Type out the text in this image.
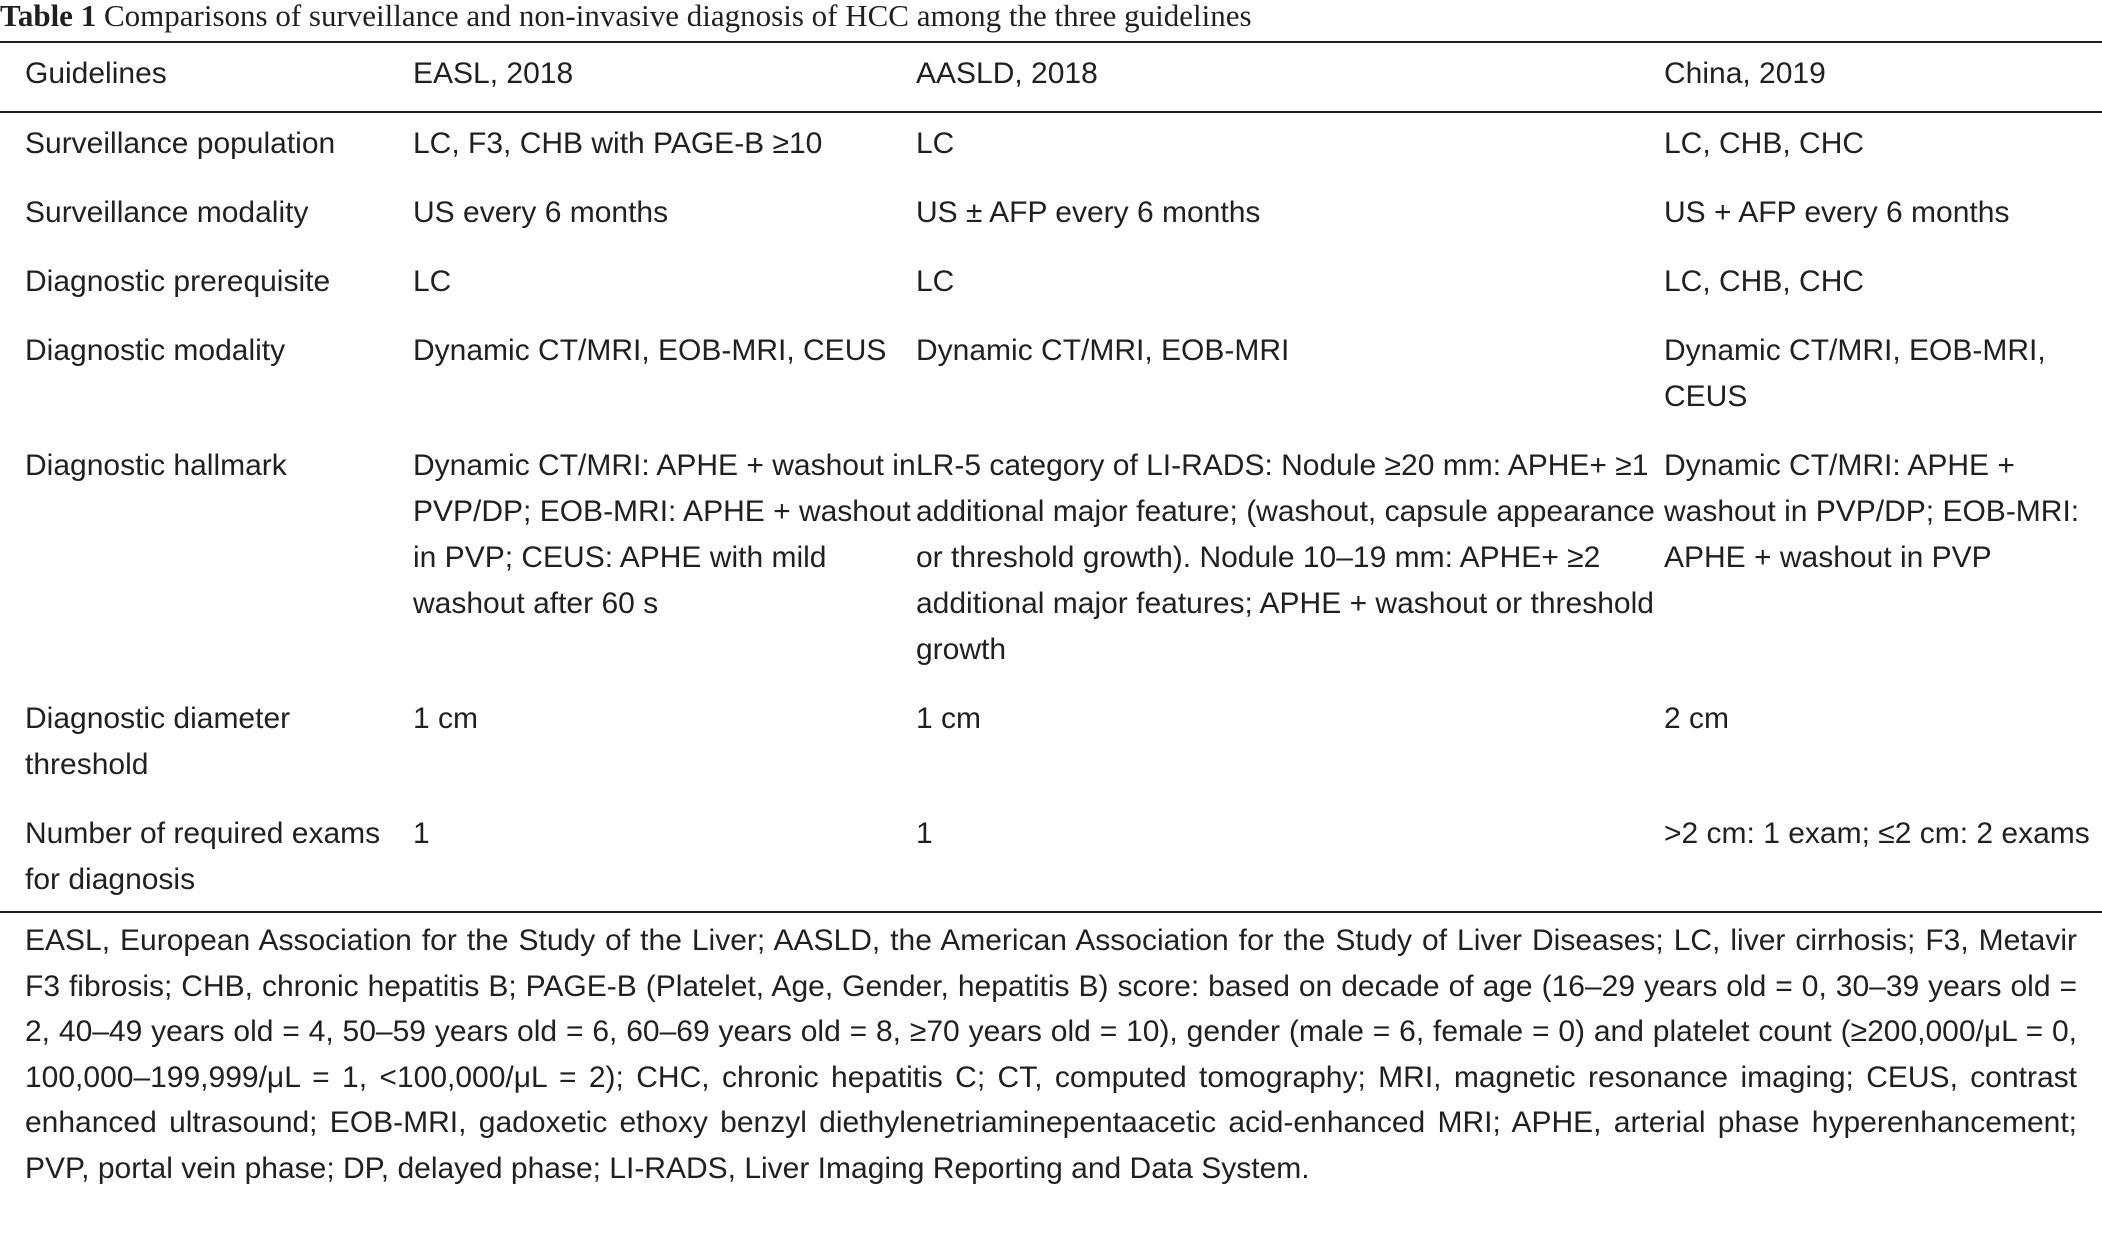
Table 1 Comparisons of surveillance and non-invasive diagnosis of HCC among the three guidelines
Guidelines	EASL, 2018	AASLD, 2018	China, 2019
Surveillance population	LC, F3, CHB with PAGE-B ≥10	LC	LC, CHB, CHC
Surveillance modality	US every 6 months	US ± AFP every 6 months	US + AFP every 6 months
Diagnostic prerequisite	LC	LC	LC, CHB, CHC
Diagnostic modality	Dynamic CT/MRI, EOB-MRI, CEUS	Dynamic CT/MRI, EOB-MRI	Dynamic CT/MRI, EOB-MRI, CEUS
Diagnostic hallmark	Dynamic CT/MRI: APHE + washout in PVP/DP; EOB-MRI: APHE + washout in PVP; CEUS: APHE with mild washout after 60 s	LR-5 category of LI-RADS: Nodule ≥20 mm: APHE+ ≥1 additional major feature; (washout, capsule appearance or threshold growth). Nodule 10–19 mm: APHE+ ≥2 additional major features; APHE + washout or threshold growth	Dynamic CT/MRI: APHE + washout in PVP/DP; EOB-MRI: APHE + washout in PVP
Diagnostic diameter threshold	1 cm	1 cm	2 cm
Number of required exams for diagnosis	1	1	>2 cm: 1 exam; ≤2 cm: 2 exams
EASL, European Association for the Study of the Liver; AASLD, the American Association for the Study of Liver Diseases; LC, liver cirrhosis; F3, Metavir F3 fibrosis; CHB, chronic hepatitis B; PAGE-B (Platelet, Age, Gender, hepatitis B) score: based on decade of age (16–29 years old = 0, 30–39 years old = 2, 40–49 years old = 4, 50–59 years old = 6, 60–69 years old = 8, ≥70 years old = 10), gender (male = 6, female = 0) and platelet count (≥200,000/μL = 0, 100,000–199,999/μL = 1, <100,000/μL = 2); CHC, chronic hepatitis C; CT, computed tomography; MRI, magnetic resonance imaging; CEUS, contrast enhanced ultrasound; EOB-MRI, gadoxetic ethoxy benzyl diethylenetriaminepentaacetic acid-enhanced MRI; APHE, arterial phase hyperenhancement; PVP, portal vein phase; DP, delayed phase; LI-RADS, Liver Imaging Reporting and Data System.
